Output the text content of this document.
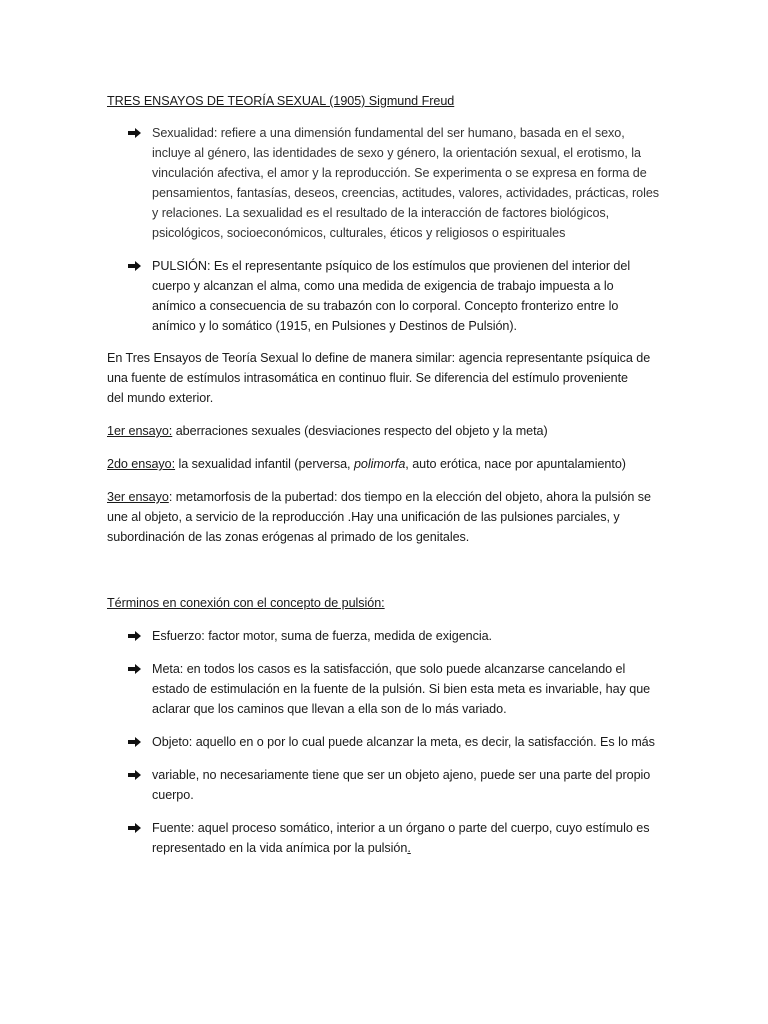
TRES ENSAYOS DE TEORÍA SEXUAL (1905) Sigmund Freud
Sexualidad: refiere a una dimensión fundamental del ser humano, basada en el sexo,
incluye al género, las identidades de sexo y género, la orientación sexual, el erotismo, la
vinculación afectiva, el amor y la reproducción. Se experimenta o se expresa en forma de
pensamientos, fantasías, deseos, creencias, actitudes, valores, actividades, prácticas, roles
y relaciones. La sexualidad es el resultado de la interacción de factores biológicos,
psicológicos, socioeconómicos, culturales, éticos y religiosos o espirituales
PULSIÓN: Es el representante psíquico de los estímulos que provienen del interior del
cuerpo y alcanzan el alma, como una medida de exigencia de trabajo impuesta a lo
anímico a consecuencia de su trabazón con lo corporal. Concepto fronterizo entre lo
anímico y lo somático (1915, en Pulsiones y Destinos de Pulsión).
En Tres Ensayos de Teoría Sexual lo define de manera similar: agencia representante psíquica de
una fuente de estímulos intrasomática en continuo fluir. Se diferencia del estímulo proveniente
del mundo exterior.
1er ensayo: aberraciones sexuales (desviaciones respecto del objeto y la meta)
2do ensayo: la sexualidad infantil (perversa, polimorfa, auto erótica, nace por apuntalamiento)
3er ensayo: metamorfosis de la pubertad: dos tiempo en la elección del objeto, ahora la pulsión se
une al objeto, a servicio de la reproducción .Hay una unificación de las pulsiones parciales, y
subordinación de las zonas erógenas al primado de los genitales.
Términos en conexión con el concepto de pulsión:
Esfuerzo: factor motor, suma de fuerza, medida de exigencia.
Meta: en todos los casos es la satisfacción, que solo puede alcanzarse cancelando el
estado de estimulación en la fuente de la pulsión. Si bien esta meta es invariable, hay que
aclarar que los caminos que llevan a ella son de lo más variado.
Objeto: aquello en o por lo cual puede alcanzar la meta, es decir, la satisfacción. Es lo más
variable, no necesariamente tiene que ser un objeto ajeno, puede ser una parte del propio
cuerpo.
Fuente: aquel proceso somático, interior a un órgano o parte del cuerpo, cuyo estímulo es
representado en la vida anímica por la pulsión.
